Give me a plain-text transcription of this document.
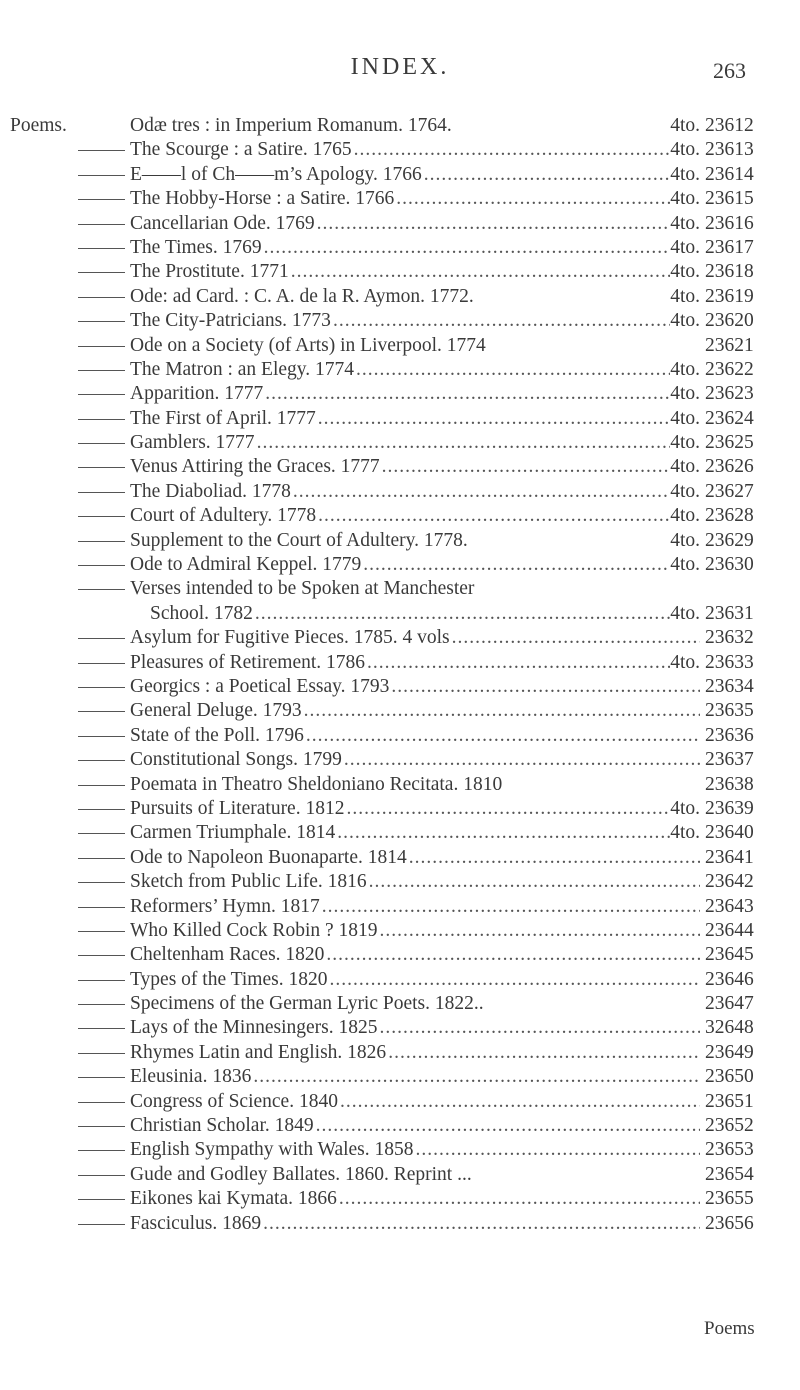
INDEX.	263
Poems.	Odæ tres : in Imperium Romanum. 1764.	4to. 23612
The Scourge : a Satire. 1765 .....	4to. 23613
E——l of Ch——m’s Apology. 1766 .....	4to. 23614
The Hobby-Horse : a Satire. 1766 .....	4to. 23615
Cancellarian Ode. 1769 .....	4to. 23616
The Times. 1769 .....	4to. 23617
The Prostitute. 1771 .....	4to. 23618
Ode: ad Card. : C. A. de la R. Aymon. 1772.	4to. 23619
The City-Patricians. 1773 .....	4to. 23620
Ode on a Society (of Arts) in Liverpool. 1774	23621
The Matron : an Elegy. 1774 .....	4to. 23622
Apparition. 1777 .....	4to. 23623
The First of April. 1777 .....	4to. 23624
Gamblers. 1777 .....	4to. 23625
Venus Attiring the Graces. 1777 .....	4to. 23626
The Diaboliad. 1778 .....	4to. 23627
Court of Adultery. 1778 .....	4to. 23628
Supplement to the Court of Adultery. 1778.	4to. 23629
Ode to Admiral Keppel. 1779 .....	4to. 23630
Verses intended to be Spoken at Manchester
School. 1782 .....	4to. 23631
Asylum for Fugitive Pieces. 1785. 4 vols .....	23632
Pleasures of Retirement. 1786 .....	4to. 23633
Georgics : a Poetical Essay. 1793 .....	23634
General Deluge. 1793 .....	23635
State of the Poll. 1796 .....	23636
Constitutional Songs. 1799 .....	23637
Poemata in Theatro Sheldoniano Recitata. 1810	23638
Pursuits of Literature. 1812 .....	4to. 23639
Carmen Triumphale. 1814 .....	4to. 23640
Ode to Napoleon Buonaparte. 1814 .....	23641
Sketch from Public Life. 1816 .....	23642
Reformers’ Hymn. 1817 .....	23643
Who Killed Cock Robin ? 1819 .....	23644
Cheltenham Races. 1820 .....	23645
Types of the Times. 1820 .....	23646
Specimens of the German Lyric Poets. 1822..	23647
Lays of the Minnesingers. 1825 .....	32648
Rhymes Latin and English. 1826 .....	23649
Eleusinia. 1836 .....	23650
Congress of Science. 1840 .....	23651
Christian Scholar. 1849 .....	23652
English Sympathy with Wales. 1858 .....	23653
Gude and Godley Ballates. 1860. Reprint ...	23654
Eikones kai Kymata. 1866 .....	23655
Fasciculus. 1869 .....	23656
Poems
